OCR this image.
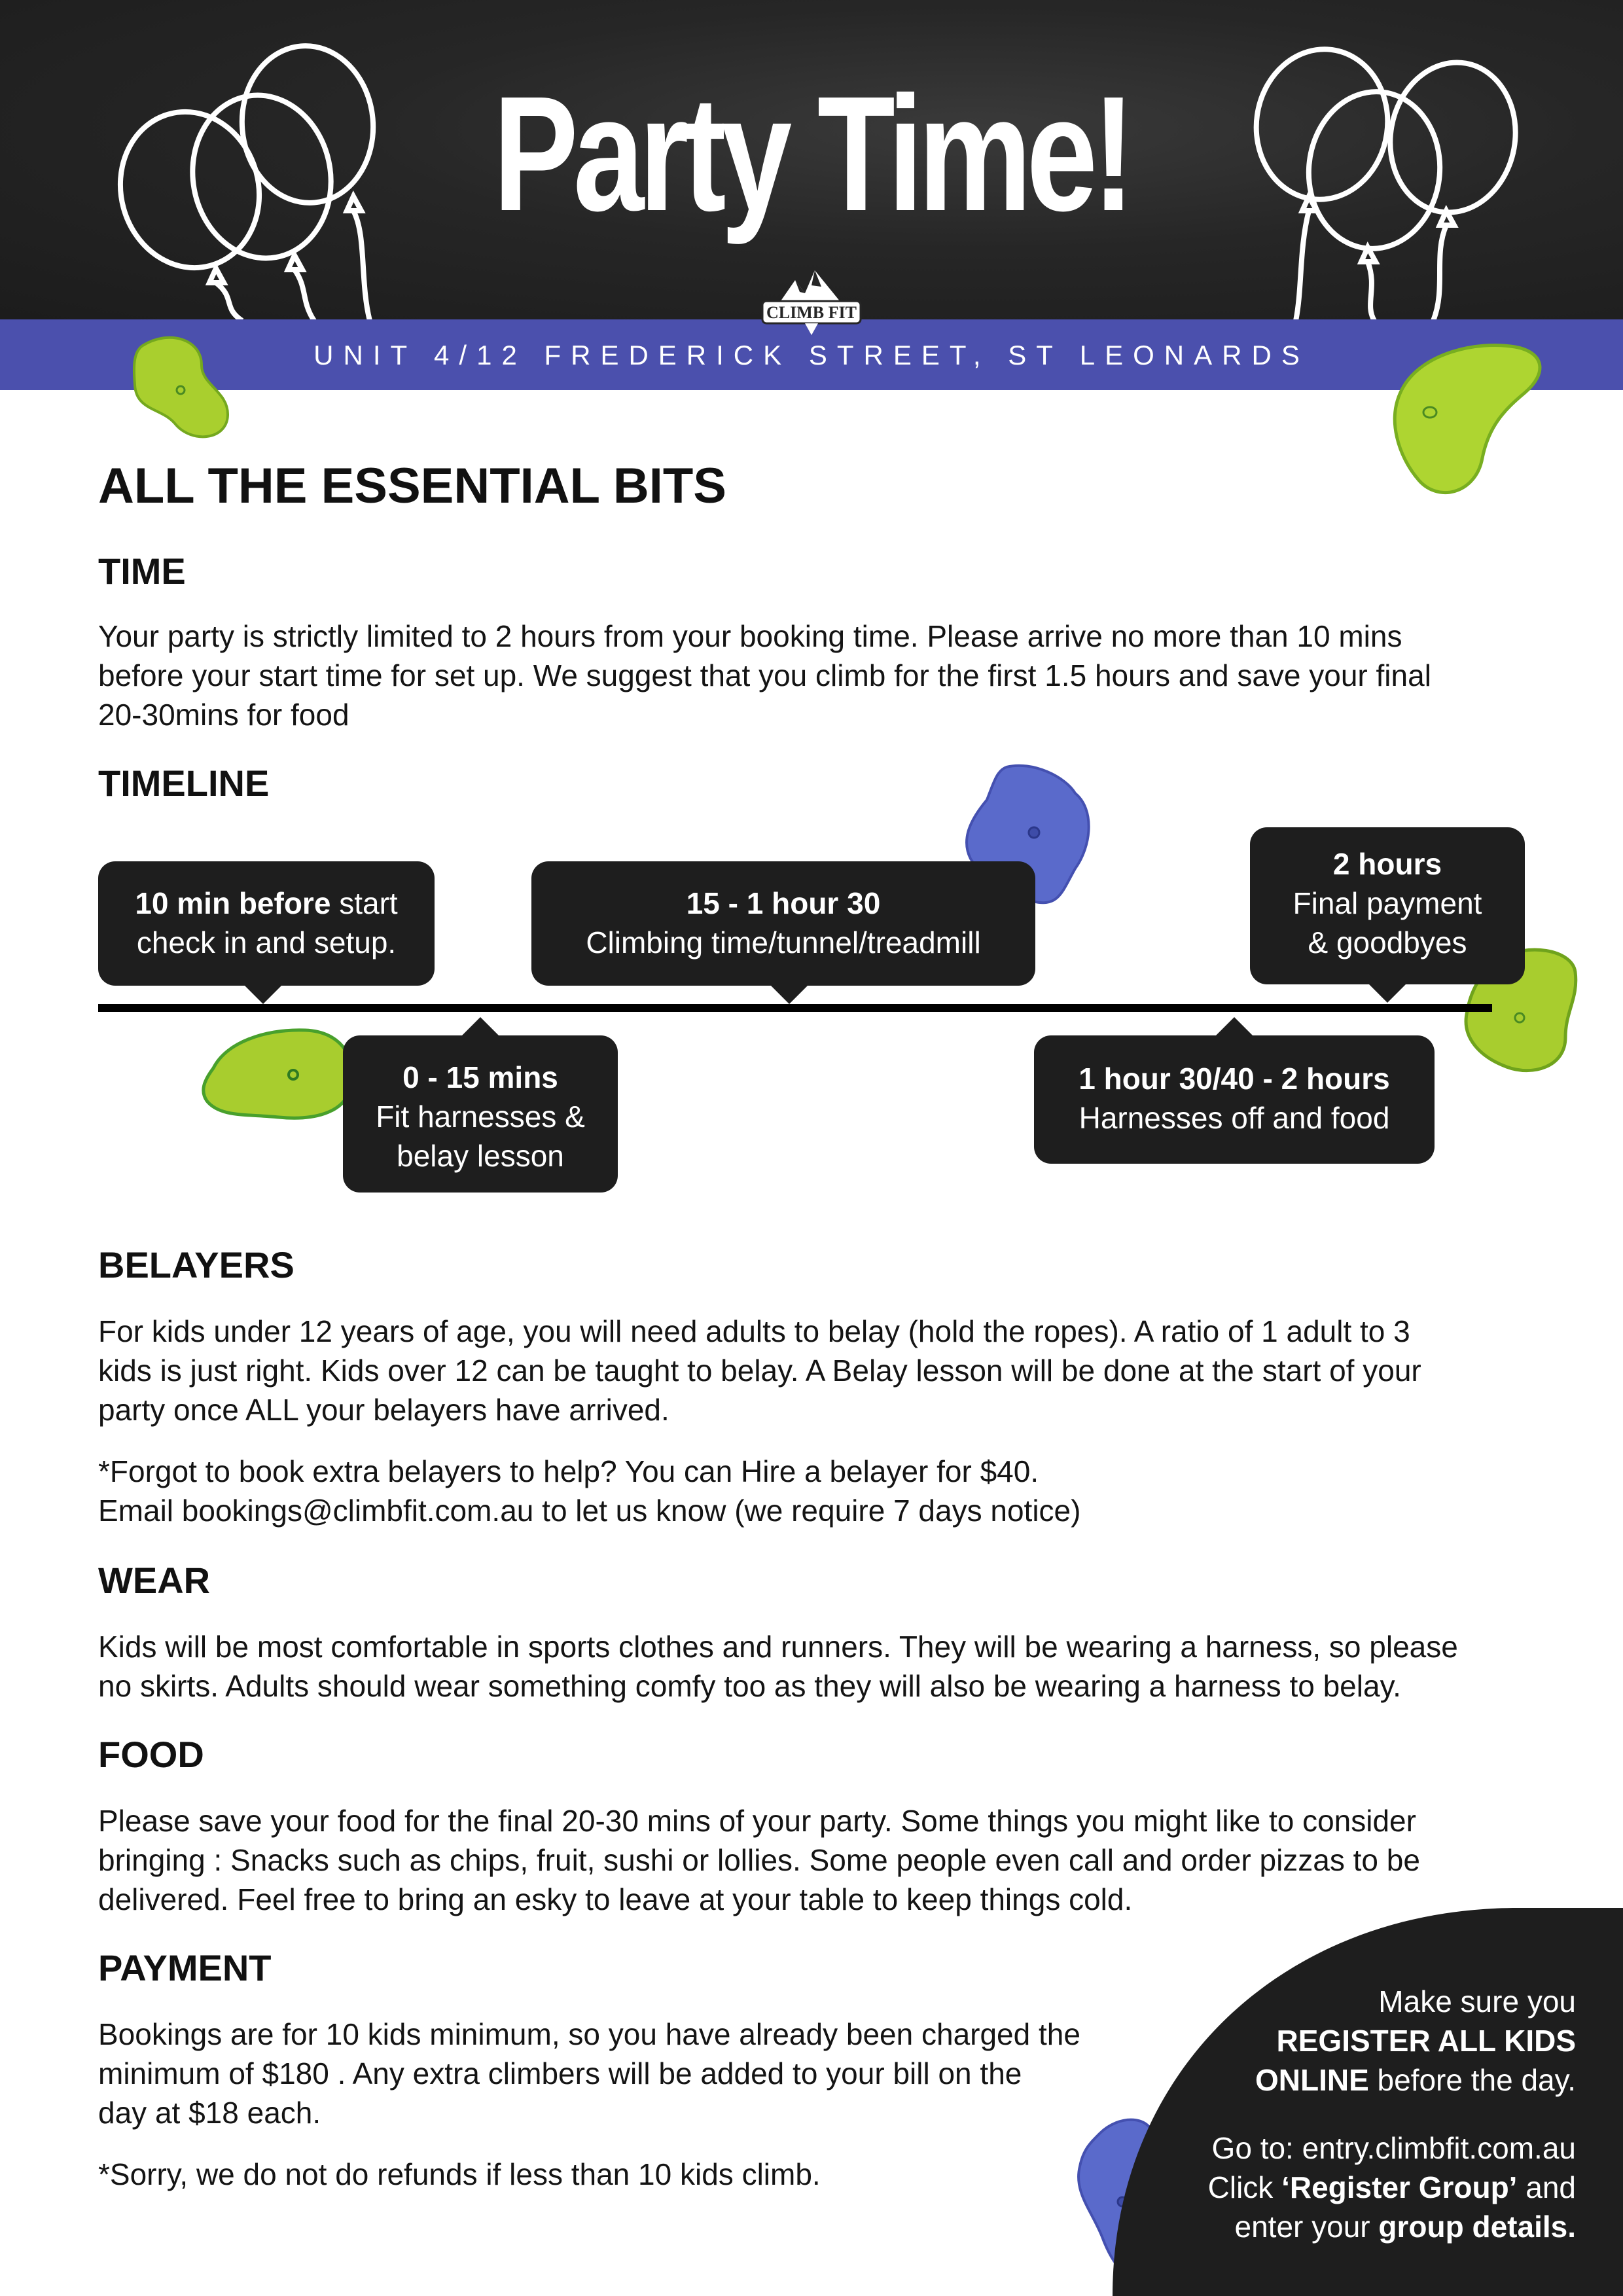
Party Time!
UNIT 4/12 FREDERICK STREET, ST LEONARDS
CLIMB FIT
ALL THE ESSENTIAL BITS
TIME
Your party is strictly limited to 2 hours from your booking time. Please arrive no more than 10 mins
before your start time for set up. We suggest that you climb for the first 1.5 hours and save your final
20-30mins for food
TIMELINE
10 min before start
check in and setup.
0 - 15 mins
Fit harnesses &
belay lesson
15 - 1 hour 30
Climbing time/tunnel/treadmill
1 hour 30/40 - 2 hours
Harnesses off and food
2 hours
Final payment
& goodbyes
BELAYERS
For kids under 12 years of age, you will need adults to belay (hold the ropes). A ratio of 1 adult to 3
kids is just right. Kids over 12 can be taught to belay. A Belay lesson will be done at the start of your
party once ALL your belayers have arrived.
*Forgot to book extra belayers to help? You can Hire a belayer for $40.
Email bookings@climbfit.com.au to let us know (we require 7 days notice)
WEAR
Kids will be most comfortable in sports clothes and runners. They will be wearing a harness, so please
no skirts. Adults should wear something comfy too as they will also be wearing a harness to belay.
FOOD
Please save your food for the final 20-30 mins of your party. Some things you might like to consider
bringing : Snacks such as chips, fruit, sushi or lollies. Some people even call and order pizzas to be
delivered. Feel free to bring an esky to leave at your table to keep things cold.
PAYMENT
Bookings are for 10 kids minimum, so you have already been charged the
minimum of $180 . Any extra climbers will be added to your bill on the
day at $18 each.
*Sorry, we do not do refunds if less than 10 kids climb.
Make sure you
REGISTER ALL KIDS
ONLINE before the day.
Go to: entry.climbfit.com.au
Click ‘Register Group’ and
enter your group details.
